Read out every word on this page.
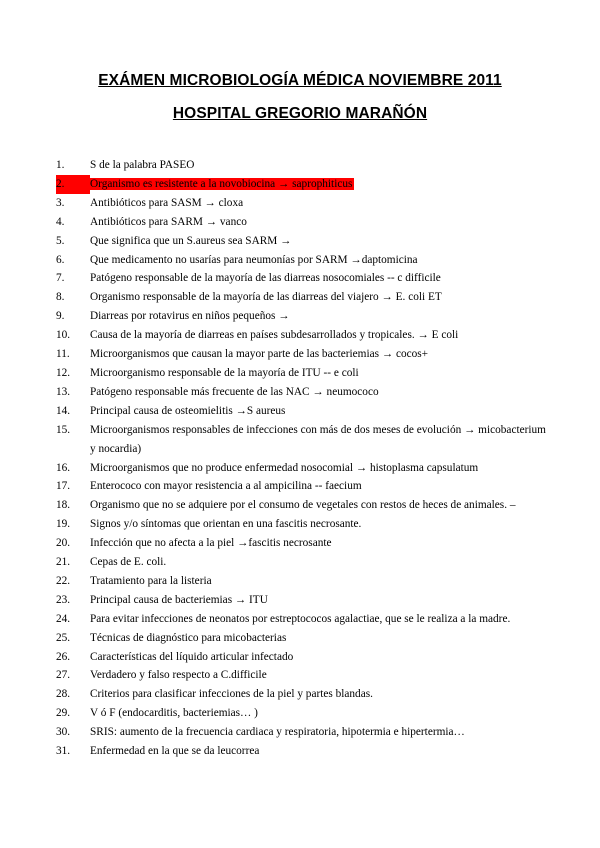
EXÁMEN MICROBIOLOGÍA MÉDICA NOVIEMBRE 2011
HOSPITAL GREGORIO MARAÑÓN
1.	S de la palabra PASEO
2.	Organismo es resistente a la novobiocina → saprophiticus
3.	Antibióticos para SASM → cloxa
4.	Antibióticos para SARM → vanco
5.	Que significa que un S.aureus sea SARM →
6.	Que medicamento no usarías para neumonías por SARM →daptomicina
7.	Patógeno responsable de la mayoría de las diarreas nosocomiales -- c difficile
8.	Organismo responsable de la mayoría de las diarreas del viajero → E. coli ET
9.	Diarreas por rotavirus en niños pequeños →
10.	Causa de la mayoría de diarreas en países subdesarrollados y tropicales. → E coli
11.	Microorganismos que causan la mayor parte de las bacteriemias → cocos+
12.	Microorganismo responsable de la mayoría de ITU -- e coli
13.	Patógeno responsable más frecuente de las NAC → neumococo
14.	Principal causa de osteomielitis →S aureus
15.	Microorganismos responsables de infecciones con más de dos meses de evolución → micobacterium y nocardia)
16.	Microorganismos que no produce enfermedad nosocomial → histoplasma capsulatum
17.	Enterococo con mayor resistencia a al ampicilina -- faecium
18.	Organismo que no se adquiere por el consumo de vegetales con restos de heces de animales. –
19.	Signos y/o síntomas que orientan en una fascitis necrosante.
20.	Infección que no afecta a la piel →fascitis necrosante
21.	Cepas de E. coli.
22.	Tratamiento para la listeria
23.	Principal causa de bacteriemias → ITU
24.	Para evitar infecciones de neonatos por estreptococos agalactiae, que se le realiza a la madre.
25.	Técnicas de diagnóstico para micobacterias
26.	Características del líquido articular infectado
27.	Verdadero y falso respecto a C.difficile
28.	Criterios para clasificar infecciones de la piel y partes blandas.
29.	V ó F (endocarditis, bacteriemias… )
30.	SRIS: aumento de la frecuencia cardiaca y respiratoria, hipotermia e hipertermia…
31.	Enfermedad en la que se da leucorrea
